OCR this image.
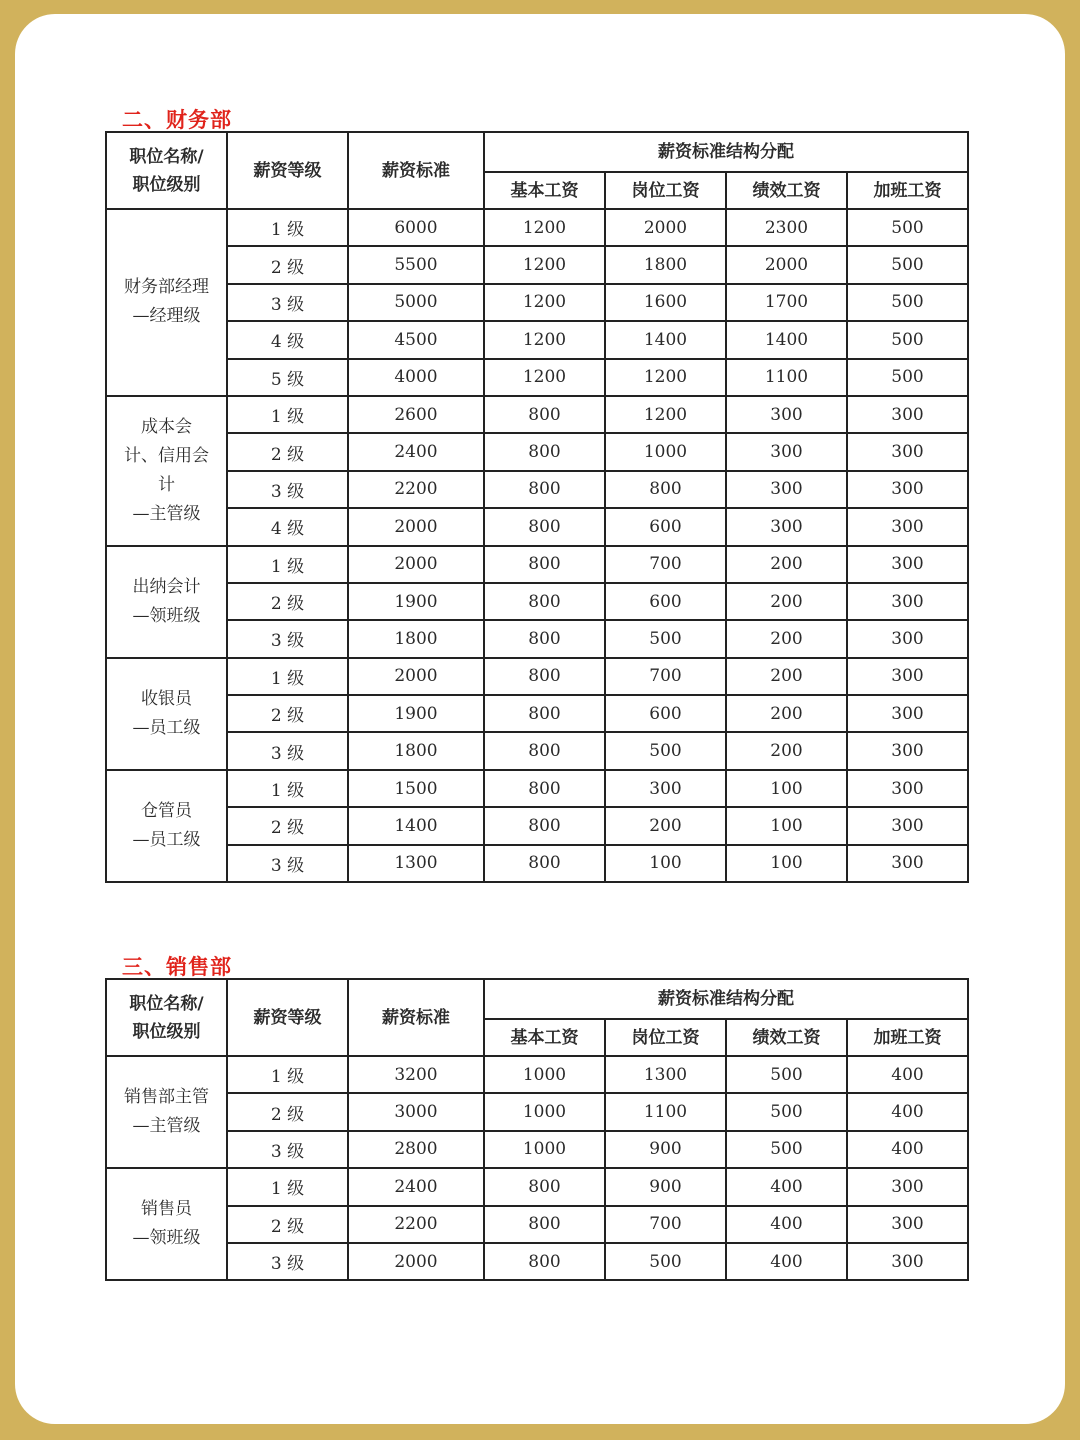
二、财务部
职位名称/
职位级别	薪资等级	薪资标准	薪资标准结构分配			
			基本工资	岗位工资	绩效工资	加班工资
财务部经理
—经理级	1 级	6000	1200	2000	2300	500
	2 级	5500	1200	1800	2000	500
	3 级	5000	1200	1600	1700	500
	4 级	4500	1200	1400	1400	500
	5 级	4000	1200	1200	1100	500
成本会
计、信用会
计
—主管级	1 级	2600	800	1200	300	300
	2 级	2400	800	1000	300	300
	3 级	2200	800	800	300	300
	4 级	2000	800	600	300	300
出纳会计
—领班级	1 级	2000	800	700	200	300
	2 级	1900	800	600	200	300
	3 级	1800	800	500	200	300
收银员
—员工级	1 级	2000	800	700	200	300
	2 级	1900	800	600	200	300
	3 级	1800	800	500	200	300
仓管员
—员工级	1 级	1500	800	300	100	300
	2 级	1400	800	200	100	300
	3 级	1300	800	100	100	300
三、销售部
职位名称/
职位级别	薪资等级	薪资标准	薪资标准结构分配			
			基本工资	岗位工资	绩效工资	加班工资
销售部主管
—主管级	1 级	3200	1000	1300	500	400
	2 级	3000	1000	1100	500	400
	3 级	2800	1000	900	500	400
销售员
—领班级	1 级	2400	800	900	400	300
	2 级	2200	800	700	400	300
	3 级	2000	800	500	400	300
